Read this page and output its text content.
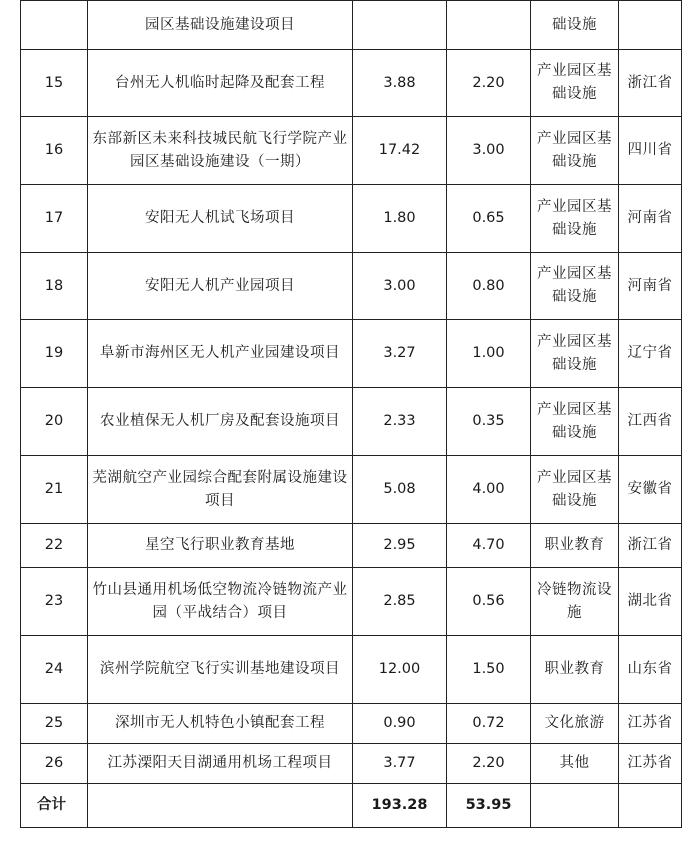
	园区基础设施建设项目			础设施	
15	台州无人机临时起降及配套工程	3.88	2.20	产业园区基础设施	浙江省
16	东部新区未来科技城民航飞行学院产业园区基础设施建设（一期）	17.42	3.00	产业园区基础设施	四川省
17	安阳无人机试飞场项目	1.80	0.65	产业园区基础设施	河南省
18	安阳无人机产业园项目	3.00	0.80	产业园区基础设施	河南省
19	阜新市海州区无人机产业园建设项目	3.27	1.00	产业园区基础设施	辽宁省
20	农业植保无人机厂房及配套设施项目	2.33	0.35	产业园区基础设施	江西省
21	芜湖航空产业园综合配套附属设施建设项目	5.08	4.00	产业园区基础设施	安徽省
22	星空飞行职业教育基地	2.95	4.70	职业教育	浙江省
23	竹山县通用机场低空物流冷链物流产业园（平战结合）项目	2.85	0.56	冷链物流设施	湖北省
24	滨州学院航空飞行实训基地建设项目	12.00	1.50	职业教育	山东省
25	深圳市无人机特色小镇配套工程	0.90	0.72	文化旅游	江苏省
26	江苏溧阳天目湖通用机场工程项目	3.77	2.20	其他	江苏省
合计		193.28	53.95		
